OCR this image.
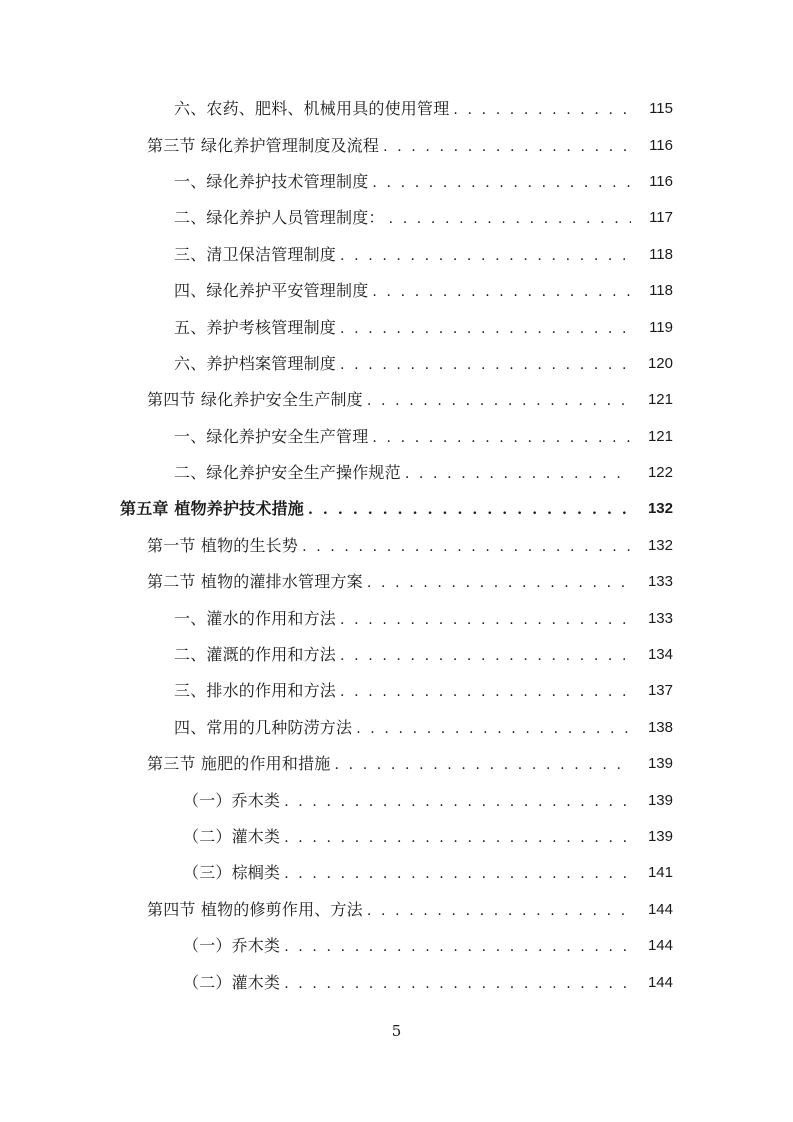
六、农药、肥料、机械用具的使用管理 . . .	115
第三节 绿化养护管理制度及流程 . . .	116
一、绿化养护技术管理制度 . . .	116
二、绿化养护人员管理制度： . . .	117
三、清卫保洁管理制度 . . .	118
四、绿化养护平安管理制度 . . .	118
五、养护考核管理制度 . . .	119
六、养护档案管理制度 . . .	120
第四节 绿化养护安全生产制度 . . .	121
一、绿化养护安全生产管理 . . .	121
二、绿化养护安全生产操作规范 . . .	122
第五章 植物养护技术措施 . . .	132
第一节 植物的生长势 . . .	132
第二节 植物的灌排水管理方案 . . .	133
一、灌水的作用和方法 . . .	133
二、灌溉的作用和方法 . . .	134
三、排水的作用和方法 . . .	137
四、常用的几种防涝方法 . . .	138
第三节 施肥的作用和措施 . . .	139
（一）乔木类 . . .	139
（二）灌木类 . . .	139
（三）棕榈类 . . .	141
第四节 植物的修剪作用、方法 . . .	144
（一）乔木类 . . .	144
（二）灌木类 . . .	144
5
